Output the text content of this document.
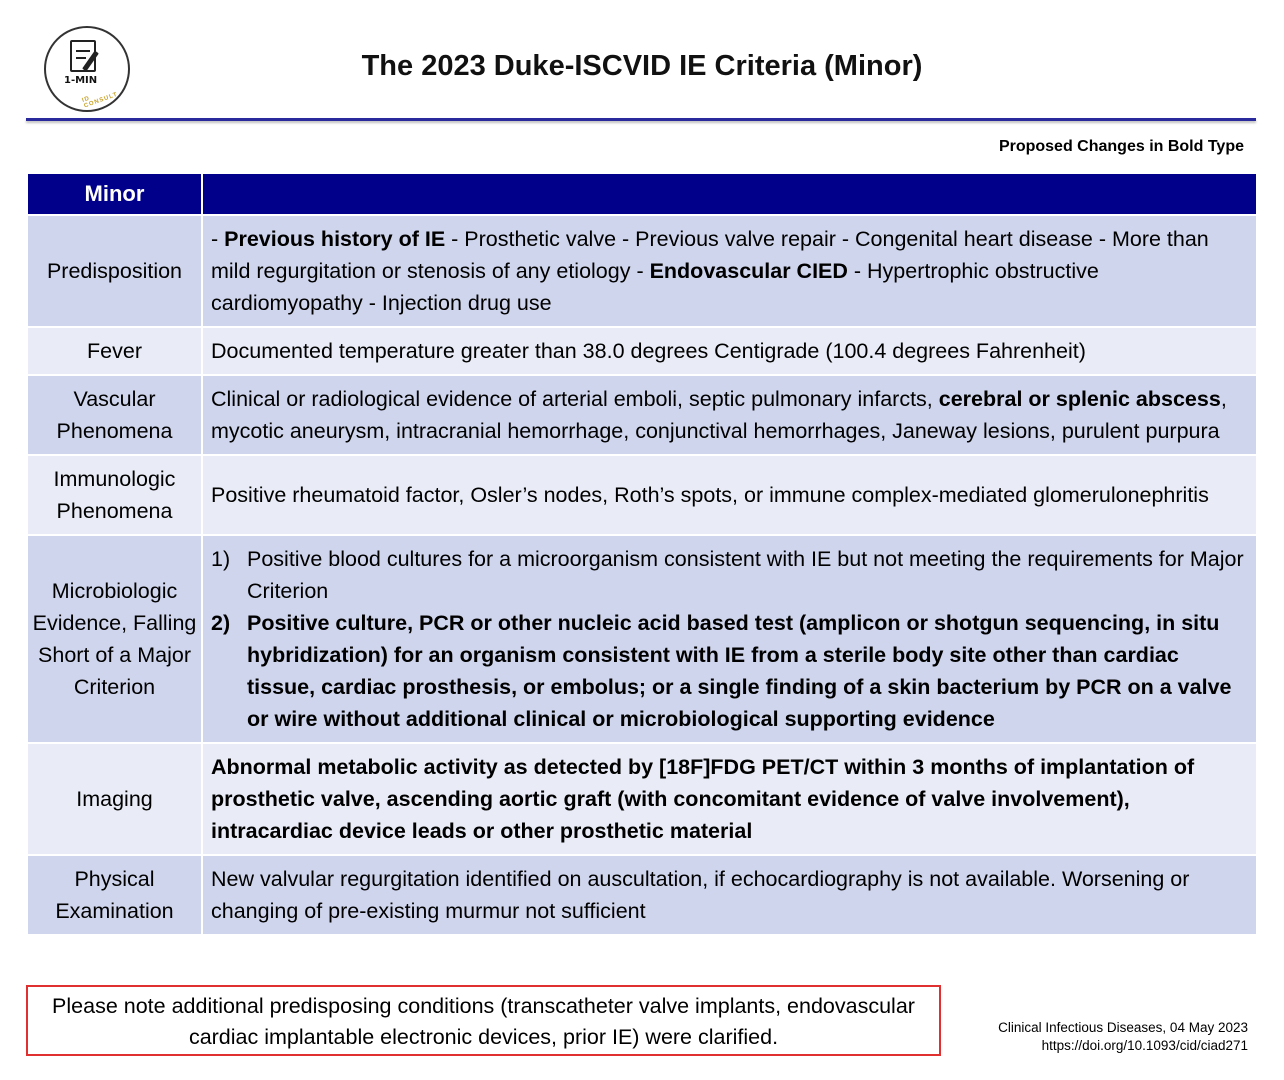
1-MIN
ID CONSULT
The 2023 Duke-ISCVID IE Criteria (Minor)
Proposed Changes in Bold Type
Minor	
Predisposition	- Previous history of IE - Prosthetic valve - Previous valve repair - Congenital heart disease - More than mild regurgitation or stenosis of any etiology - Endovascular CIED - Hypertrophic obstructive cardiomyopathy - Injection drug use
Fever	Documented temperature greater than 38.0 degrees Centigrade (100.4 degrees Fahrenheit)
Vascular Phenomena	Clinical or radiological evidence of arterial emboli, septic pulmonary infarcts, cerebral or splenic abscess, mycotic aneurysm, intracranial hemorrhage, conjunctival hemorrhages, Janeway lesions, purulent purpura
Immunologic Phenomena	Positive rheumatoid factor, Osler’s nodes, Roth’s spots, or immune complex-mediated glomerulonephritis
Microbiologic Evidence, Falling Short of a Major Criterion	1) Positive blood cultures for a microorganism consistent with IE but not meeting the requirements for Major Criterion
2) Positive culture, PCR or other nucleic acid based test (amplicon or shotgun sequencing, in situ hybridization) for an organism consistent with IE from a sterile body site other than cardiac tissue, cardiac prosthesis, or embolus; or a single finding of a skin bacterium by PCR on a valve or wire without additional clinical or microbiological supporting evidence

Imaging	Abnormal metabolic activity as detected by [18F]FDG PET/CT within 3 months of implantation of prosthetic valve, ascending aortic graft (with concomitant evidence of valve involvement), intracardiac device leads or other prosthetic material
Physical Examination	New valvular regurgitation identified on auscultation, if echocardiography is not available. Worsening or changing of pre-existing murmur not sufficient
Please note additional predisposing conditions (transcatheter valve implants, endovascular cardiac implantable electronic devices, prior IE) were clarified.	Clinical Infectious Diseases, 04 May 2023
https://doi.org/10.1093/cid/ciad271
